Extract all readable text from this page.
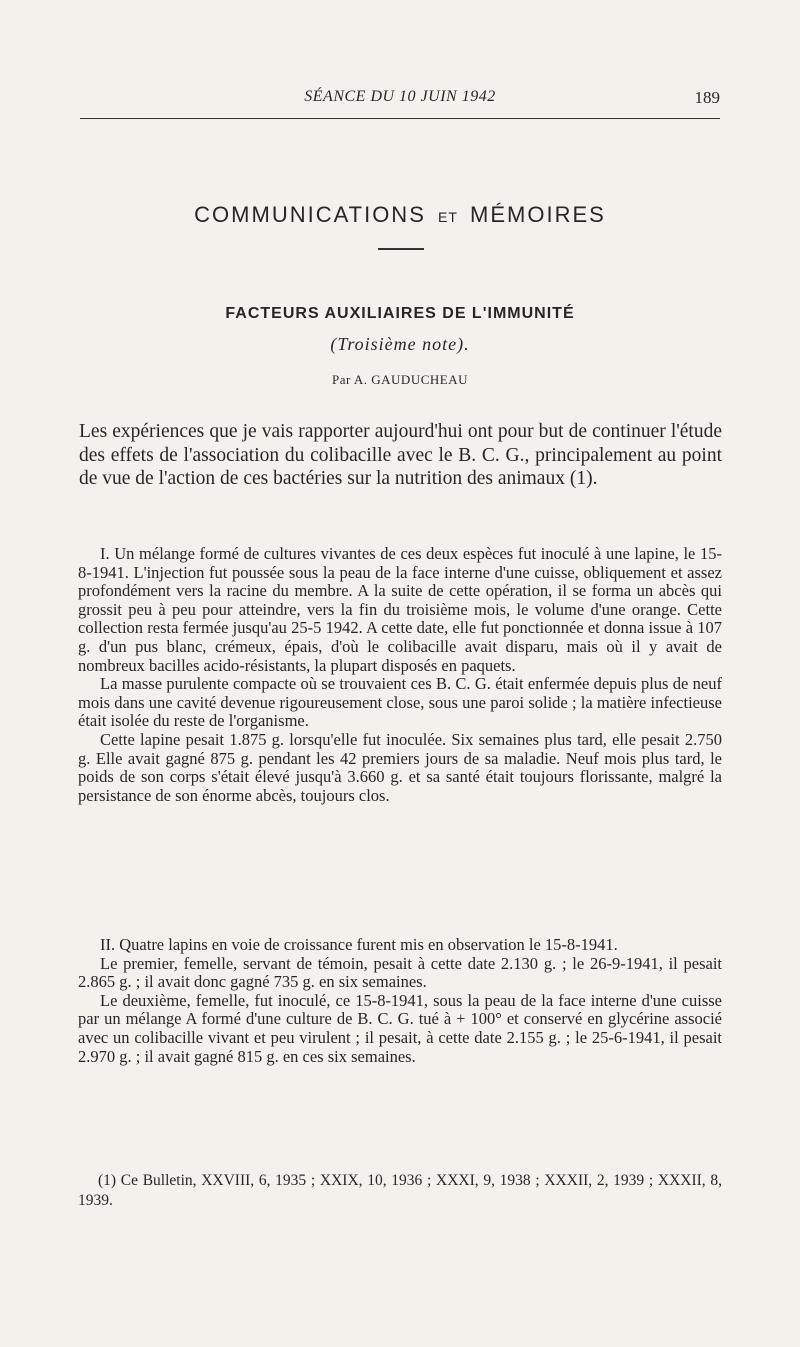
SÉANCE DU 10 JUIN 1942	189
COMMUNICATIONS ET MÉMOIRES
FACTEURS AUXILIAIRES DE L'IMMUNITÉ
(Troisième note).
Par A. GAUDUCHEAU

Les expériences que je vais rapporter aujourd'hui ont pour but de continuer l'étude des effets de l'association du colibacille avec le B. C. G., principalement au point de vue de l'action de ces bactéries sur la nutrition des animaux (1).

I. Un mélange formé de cultures vivantes de ces deux espèces fut inoculé à une lapine, le 15-8-1941. L'injection fut poussée sous la peau de la face interne d'une cuisse, obliquement et assez profondément vers la racine du membre. A la suite de cette opération, il se forma un abcès qui grossit peu à peu pour atteindre, vers la fin du troisième mois, le volume d'une orange. Cette collection resta fermée jusqu'au 25-5 1942. A cette date, elle fut ponctionnée et donna issue à 107 g. d'un pus blanc, crémeux, épais, d'où le colibacille avait disparu, mais où il y avait de nombreux bacilles acido-résistants, la plupart disposés en paquets.

La masse purulente compacte où se trouvaient ces B. C. G. était enfermée depuis plus de neuf mois dans une cavité devenue rigoureusement close, sous une paroi solide ; la matière infectieuse était isolée du reste de l'organisme.

Cette lapine pesait 1.875 g. lorsqu'elle fut inoculée. Six semaines plus tard, elle pesait 2.750 g. Elle avait gagné 875 g. pendant les 42 premiers jours de sa maladie. Neuf mois plus tard, le poids de son corps s'était élevé jusqu'à 3.660 g. et sa santé était toujours florissante, malgré la persistance de son énorme abcès, toujours clos.

II. Quatre lapins en voie de croissance furent mis en observation le 15-8-1941.

Le premier, femelle, servant de témoin, pesait à cette date 2.130 g. ; le 26-9-1941, il pesait 2.865 g. ; il avait donc gagné 735 g. en six semaines.

Le deuxième, femelle, fut inoculé, ce 15-8-1941, sous la peau de la face interne d'une cuisse par un mélange A formé d'une culture de B. C. G. tué à + 100° et conservé en glycérine associé avec un colibacille vivant et peu virulent ; il pesait, à cette date 2.155 g. ; le 25-6-1941, il pesait 2.970 g. ; il avait gagné 815 g. en ces six semaines.

(1) Ce Bulletin, XXVIII, 6, 1935 ; XXIX, 10, 1936 ; XXXI, 9, 1938 ; XXXII, 2, 1939 ; XXXII, 8, 1939.
